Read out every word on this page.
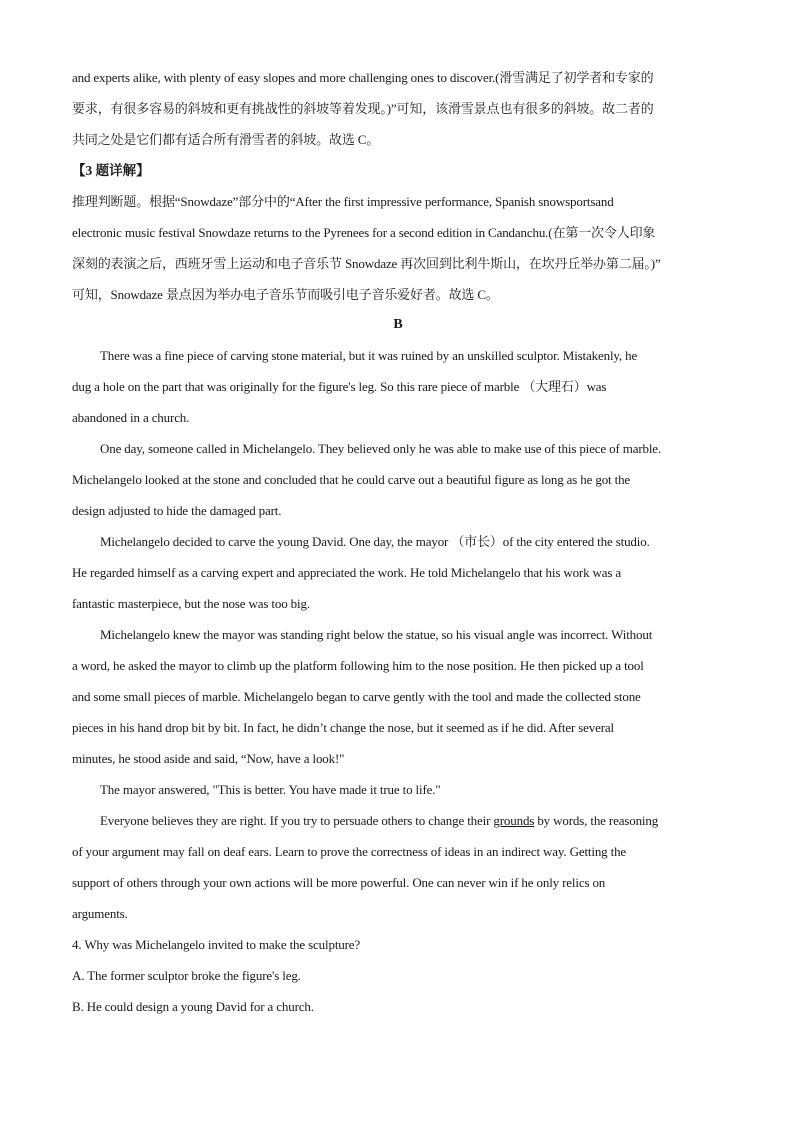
and experts alike, with plenty of easy slopes and more challenging ones to discover.(滑雪满足了初学者和专家的
要求，有很多容易的斜坡和更有挑战性的斜坡等着发现。)”可知，该滑雪景点也有很多的斜坡。故二者的
共同之处是它们都有适合所有滑雪者的斜坡。故选 C。
【3 题详解】
推理判断题。根据“Snowdaze”部分中的“After the first impressive performance, Spanish snowsportsand
electronic music festival Snowdaze returns to the Pyrenees for a second edition in Candanchu.(在第一次令人印象
深刻的表演之后，西班牙雪上运动和电子音乐节 Snowdaze 再次回到比利牛斯山，在坎丹丘举办第二届。)”
可知，Snowdaze 景点因为举办电子音乐节而吸引电子音乐爱好者。故选 C。
B
There was a fine piece of carving stone material, but it was ruined by an unskilled sculptor. Mistakenly, he
dug a hole on the part that was originally for the figure's leg. So this rare piece of marble （大理石）was
abandoned in a church.
One day, someone called in Michelangelo. They believed only he was able to make use of this piece of marble.
Michelangelo looked at the stone and concluded that he could carve out a beautiful figure as long as he got the
design adjusted to hide the damaged part.
Michelangelo decided to carve the young David. One day, the mayor （市长）of the city entered the studio.
He regarded himself as a carving expert and appreciated the work. He told Michelangelo that his work was a
fantastic masterpiece, but the nose was too big.
Michelangelo knew the mayor was standing right below the statue, so his visual angle was incorrect. Without
a word, he asked the mayor to climb up the platform following him to the nose position. He then picked up a tool
and some small pieces of marble. Michelangelo began to carve gently with the tool and made the collected stone
pieces in his hand drop bit by bit. In fact, he didn’t change the nose, but it seemed as if he did. After several
minutes, he stood aside and said, “Now, have a look!"
The mayor answered, "This is better. You have made it true to life."
Everyone believes they are right. If you try to persuade others to change their grounds by words, the reasoning
of your argument may fall on deaf ears. Learn to prove the correctness of ideas in an indirect way. Getting the
support of others through your own actions will be more powerful. One can never win if he only relics on
arguments.
4. Why was Michelangelo invited to make the sculpture?
A. The former sculptor broke the figure's leg.
B. He could design a young David for a church.
